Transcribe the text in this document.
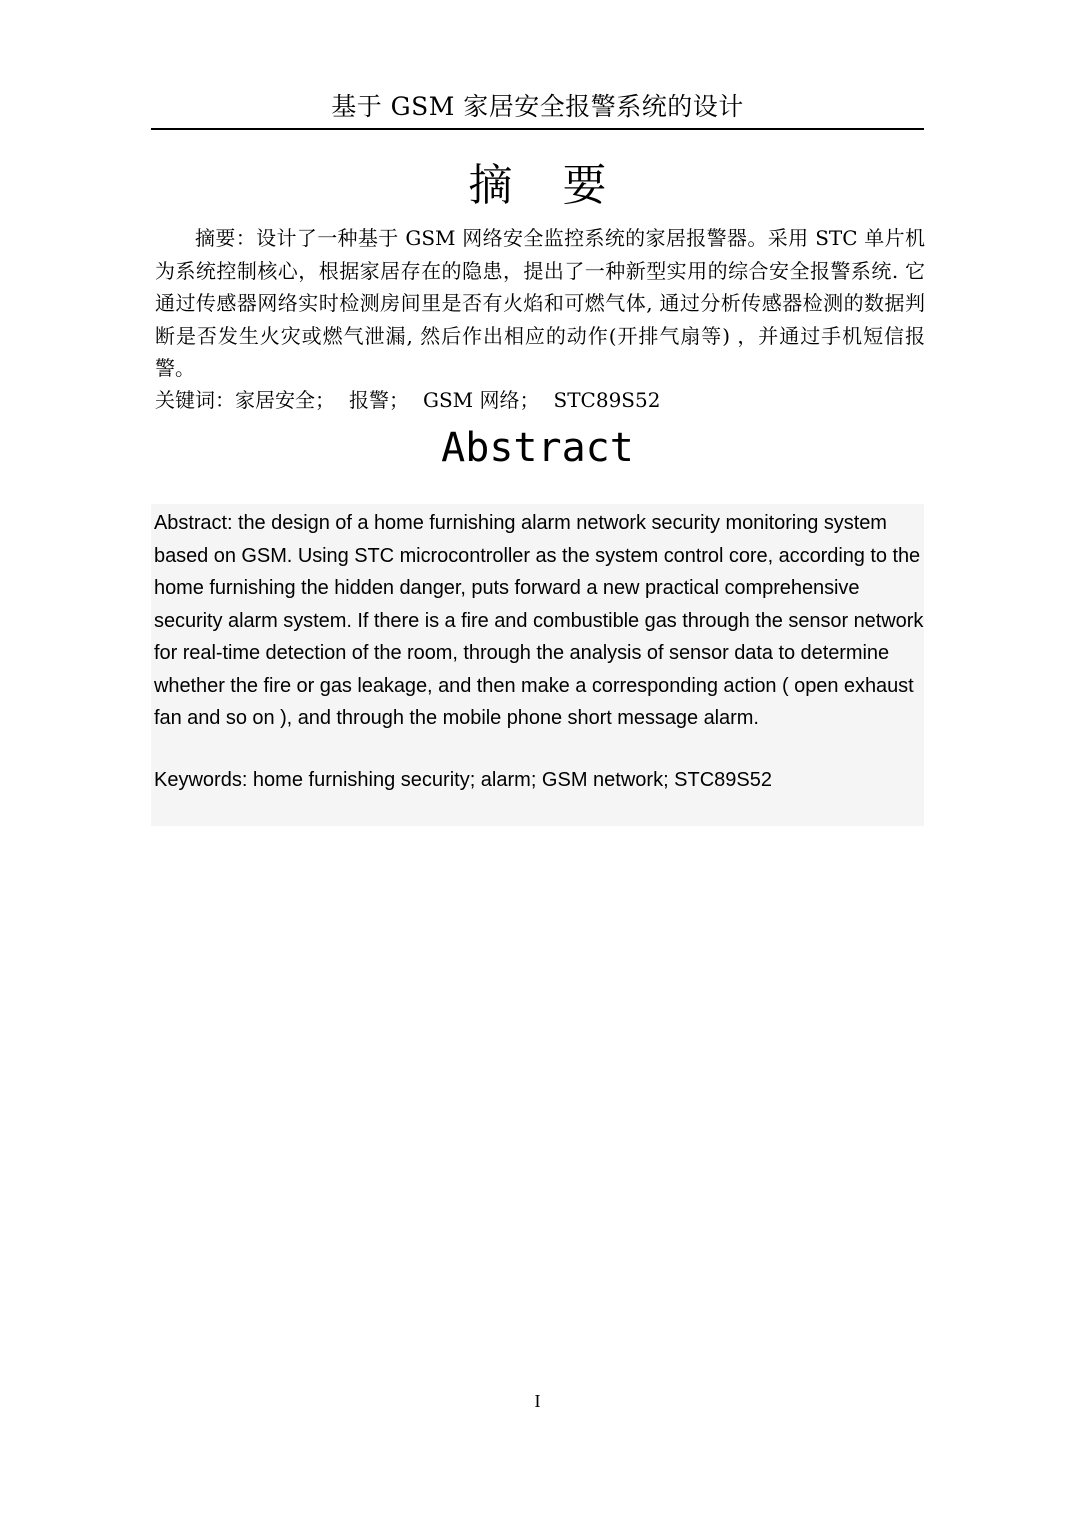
基于 GSM 家居安全报警系统的设计
摘 要

摘要：设计了一种基于 GSM 网络安全监控系统的家居报警器。采用 STC 单片机为系统控制核心，根据家居存在的隐患，提出了一种新型实用的综合安全报警系统. 它通过传感器网络实时检测房间里是否有火焰和可燃气体, 通过分析传感器检测的数据判断是否发生火灾或燃气泄漏, 然后作出相应的动作(开排气扇等) ，并通过手机短信报警。

关键词：家居安全； 报警； GSM 网络； STC89S52

Abstract

Abstract: the design of a home furnishing alarm network security monitoring system based on GSM. Using STC microcontroller as the system control core, according to the home furnishing the hidden danger, puts forward a new practical comprehensive security alarm system. If there is a fire and combustible gas through the sensor network for real-time detection of the room, through the analysis of sensor data to determine whether the fire or gas leakage, and then make a corresponding action ( open exhaust fan and so on ), and through the mobile phone short message alarm.

Keywords: home furnishing security; alarm; GSM network; STC89S52

I
